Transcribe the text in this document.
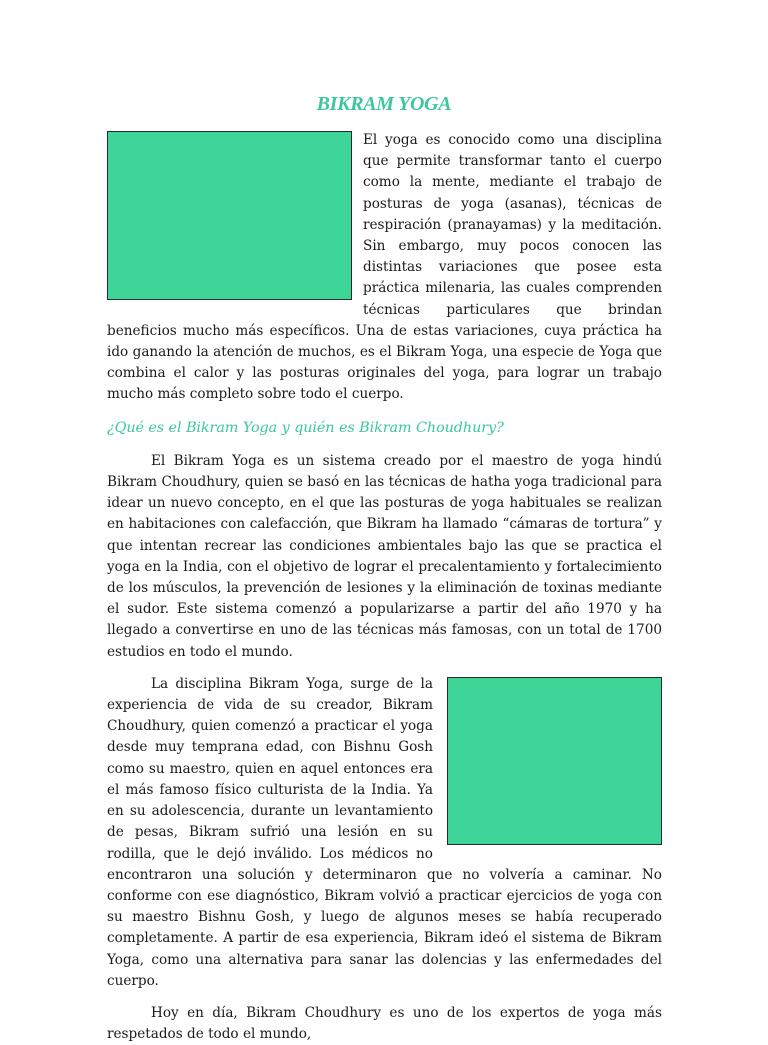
BIKRAM YOGA

El yoga es conocido como una disciplina que permite transformar tanto el cuerpo como la mente, mediante el trabajo de posturas de yoga (asanas), técnicas de respiración (pranayamas) y la meditación. Sin embargo, muy pocos conocen las distintas variaciones que posee esta práctica milenaria, las cuales comprenden técnicas particulares que brindan beneficios mucho más específicos. Una de estas variaciones, cuya práctica ha ido ganando la atención de muchos, es el Bikram Yoga, una especie de Yoga que combina el calor y las posturas originales del yoga, para lograr un trabajo mucho más completo sobre todo el cuerpo.

¿Qué es el Bikram Yoga y quién es Bikram Choudhury?

El Bikram Yoga es un sistema creado por el maestro de yoga hindú Bikram Choudhury, quien se basó en las técnicas de hatha yoga tradicional para idear un nuevo concepto, en el que las posturas de yoga habituales se realizan en habitaciones con calefacción, que Bikram ha llamado “cámaras de tortura” y que intentan recrear las condiciones ambientales bajo las que se practica el yoga en la India, con el objetivo de lograr el precalentamiento y fortalecimiento de los músculos, la prevención de lesiones y la eliminación de toxinas mediante el sudor. Este sistema comenzó a popularizarse a partir del año 1970 y ha llegado a convertirse en uno de las técnicas más famosas, con un total de 1700 estudios en todo el mundo.

La disciplina Bikram Yoga, surge de la experiencia de vida de su creador, Bikram Choudhury, quien comenzó a practicar el yoga desde muy temprana edad, con Bishnu Gosh como su maestro, quien en aquel entonces era el más famoso físico culturista de la India. Ya en su adolescencia, durante un levantamiento de pesas, Bikram sufrió una lesión en su rodilla, que le dejó inválido. Los médicos no encontraron una solución y determinaron que no volvería a caminar. No conforme con ese diagnóstico, Bikram volvió a practicar ejercicios de yoga con su maestro Bishnu Gosh, y luego de algunos meses se había recuperado completamente. A partir de esa experiencia, Bikram ideó el sistema de Bikram Yoga, como una alternativa para sanar las dolencias y las enfermedades del cuerpo.

Hoy en día, Bikram Choudhury es uno de los expertos de yoga más respetados de todo el mundo,
